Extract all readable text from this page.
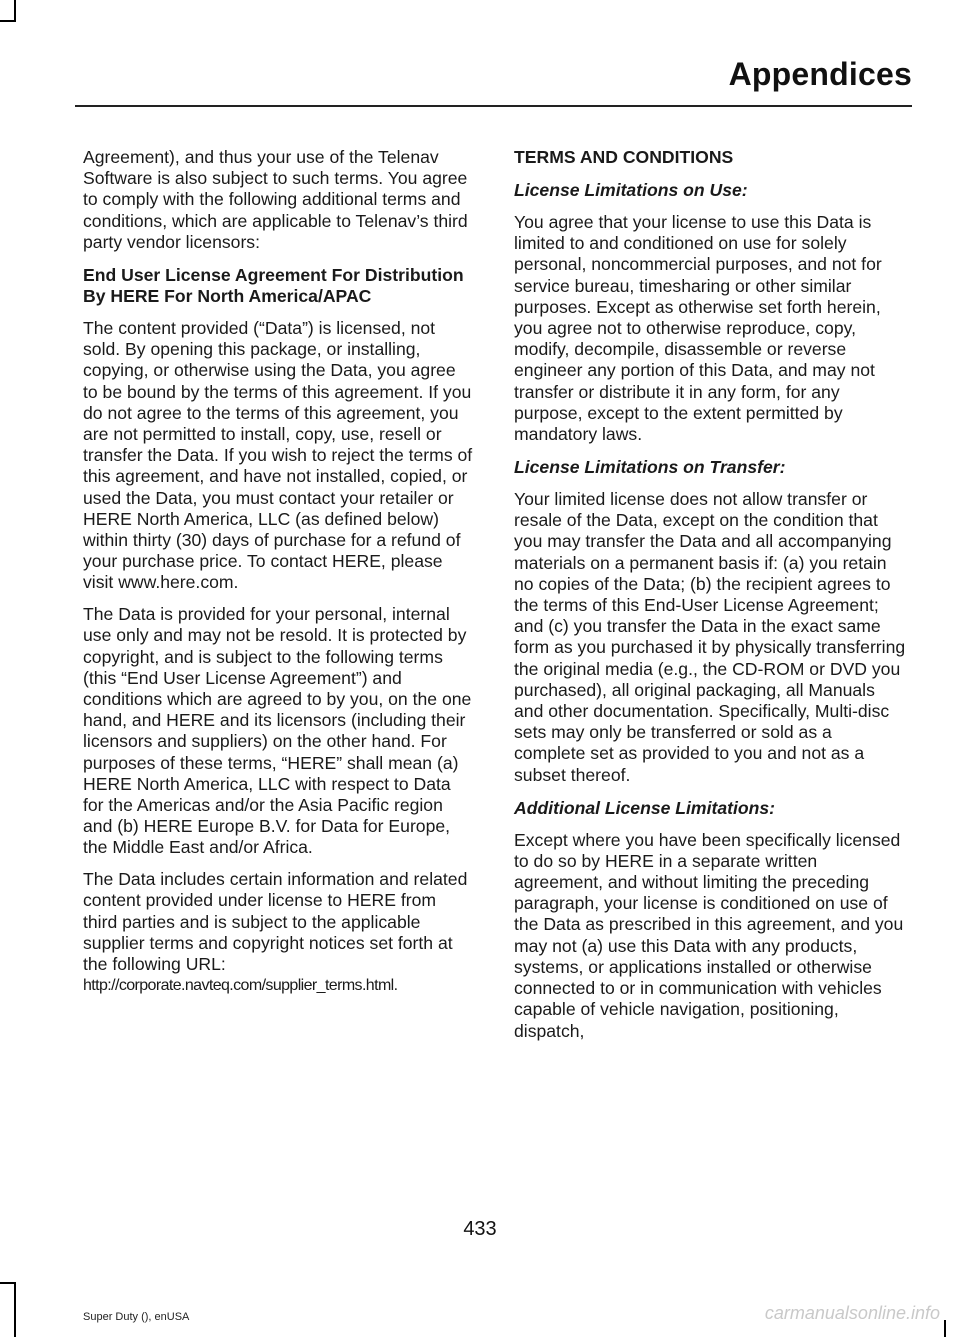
Appendices

Agreement), and thus your use of the Telenav Software is also subject to such terms. You agree to comply with the following additional terms and conditions, which are applicable to Telenav’s third party vendor licensors:

End User License Agreement For Distribution By HERE For North America/APAC

The content provided (“Data”) is licensed, not sold. By opening this package, or installing, copying, or otherwise using the Data, you agree to be bound by the terms of this agreement. If you do not agree to the terms of this agreement, you are not permitted to install, copy, use, resell or transfer the Data. If you wish to reject the terms of this agreement, and have not installed, copied, or used the Data, you must contact your retailer or HERE North America, LLC (as defined below) within thirty (30) days of purchase for a refund of your purchase price. To contact HERE, please visit www.here.com.

The Data is provided for your personal, internal use only and may not be resold. It is protected by copyright, and is subject to the following terms (this “End User License Agreement”) and conditions which are agreed to by you, on the one hand, and HERE and its licensors (including their licensors and suppliers) on the other hand. For purposes of these terms, “HERE” shall mean (a) HERE North America, LLC with respect to Data for the Americas and/or the Asia Pacific region and (b) HERE Europe B.V. for Data for Europe, the Middle East and/or Africa.

The Data includes certain information and related content provided under license to HERE from third parties and is subject to the applicable supplier terms and copyright notices set forth at the following URL:

http://corporate.navteq.com/supplier_terms.html.

TERMS AND CONDITIONS

License Limitations on Use:

You agree that your license to use this Data is limited to and conditioned on use for solely personal, noncommercial purposes, and not for service bureau, timesharing or other similar purposes. Except as otherwise set forth herein, you agree not to otherwise reproduce, copy, modify, decompile, disassemble or reverse engineer any portion of this Data, and may not transfer or distribute it in any form, for any purpose, except to the extent permitted by mandatory laws.

License Limitations on Transfer:

Your limited license does not allow transfer or resale of the Data, except on the condition that you may transfer the Data and all accompanying materials on a permanent basis if: (a) you retain no copies of the Data; (b) the recipient agrees to the terms of this End-User License Agreement; and (c) you transfer the Data in the exact same form as you purchased it by physically transferring the original media (e.g., the CD-ROM or DVD you purchased), all original packaging, all Manuals and other documentation. Specifically, Multi-disc sets may only be transferred or sold as a complete set as provided to you and not as a subset thereof.

Additional License Limitations:

Except where you have been specifically licensed to do so by HERE in a separate written agreement, and without limiting the preceding paragraph, your license is conditioned on use of the Data as prescribed in this agreement, and you may not (a) use this Data with any products, systems, or applications installed or otherwise connected to or in communication with vehicles capable of vehicle navigation, positioning, dispatch,

433
Super Duty (), enUSA	carmanualsonline.info
